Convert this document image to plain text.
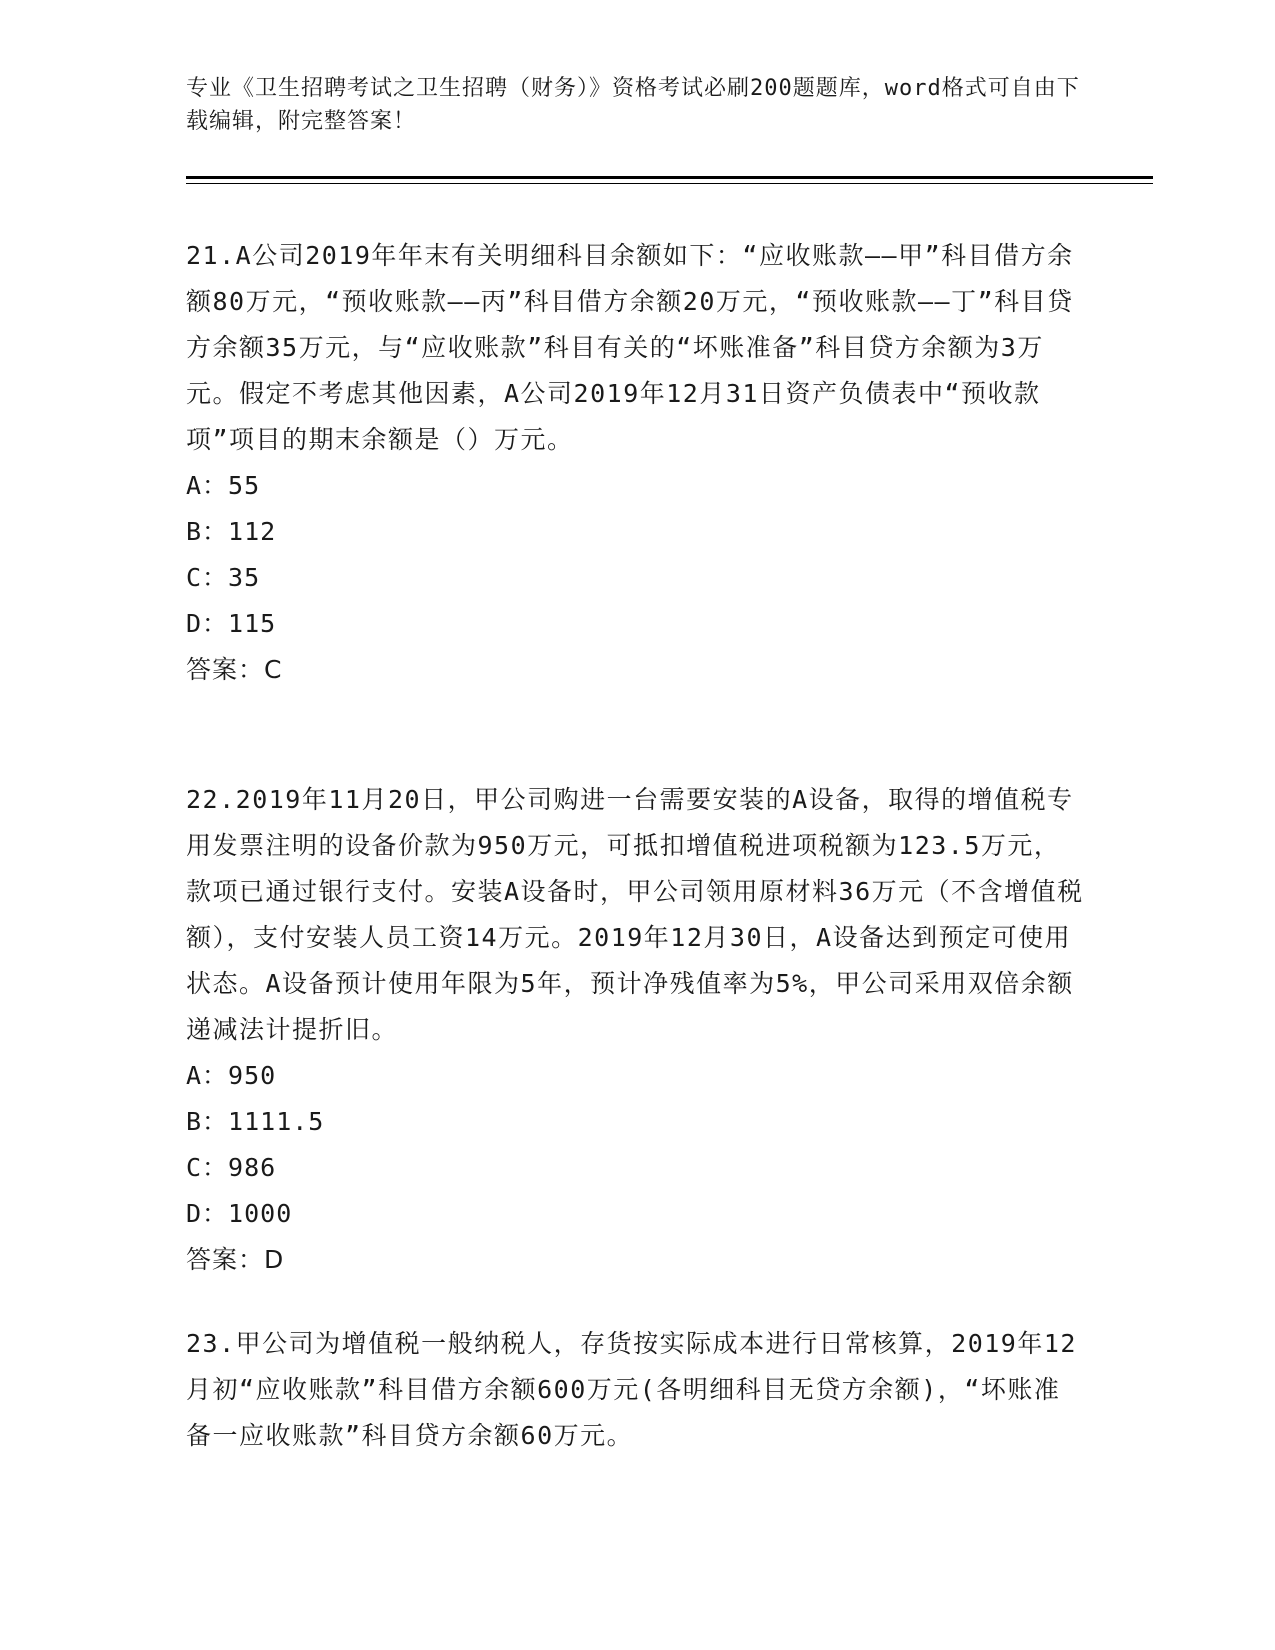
专业《卫生招聘考试之卫生招聘（财务）》资格考试必刷200题题库，word格式可自由下载编辑，附完整答案！

21.A公司2019年年末有关明细科目余额如下：“应收账款——甲”科目借方余额80万元，“预收账款——丙”科目借方余额20万元，“预收账款——丁”科目贷方余额35万元，与“应收账款”科目有关的“坏账准备”科目贷方余额为3万元。假定不考虑其他因素，A公司2019年12月31日资产负债表中“预收款项”项目的期末余额是（）万元。

A：55

B：112

C：35

D：115

答案：C

22.2019年11月20日，甲公司购进一台需要安装的A设备，取得的增值税专用发票注明的设备价款为950万元，可抵扣增值税进项税额为123.5万元，款项已通过银行支付。安装A设备时，甲公司领用原材料36万元（不含增值税额），支付安装人员工资14万元。2019年12月30日，A设备达到预定可使用状态。A设备预计使用年限为5年，预计净残值率为5%，甲公司采用双倍余额递减法计提折旧。

A：950

B：1111.5

C：986

D：1000

答案：D

23.甲公司为增值税一般纳税人，存货按实际成本进行日常核算，2019年12月初“应收账款”科目借方余额600万元(各明细科目无贷方余额)，“坏账准备一应收账款”科目贷方余额60万元。
